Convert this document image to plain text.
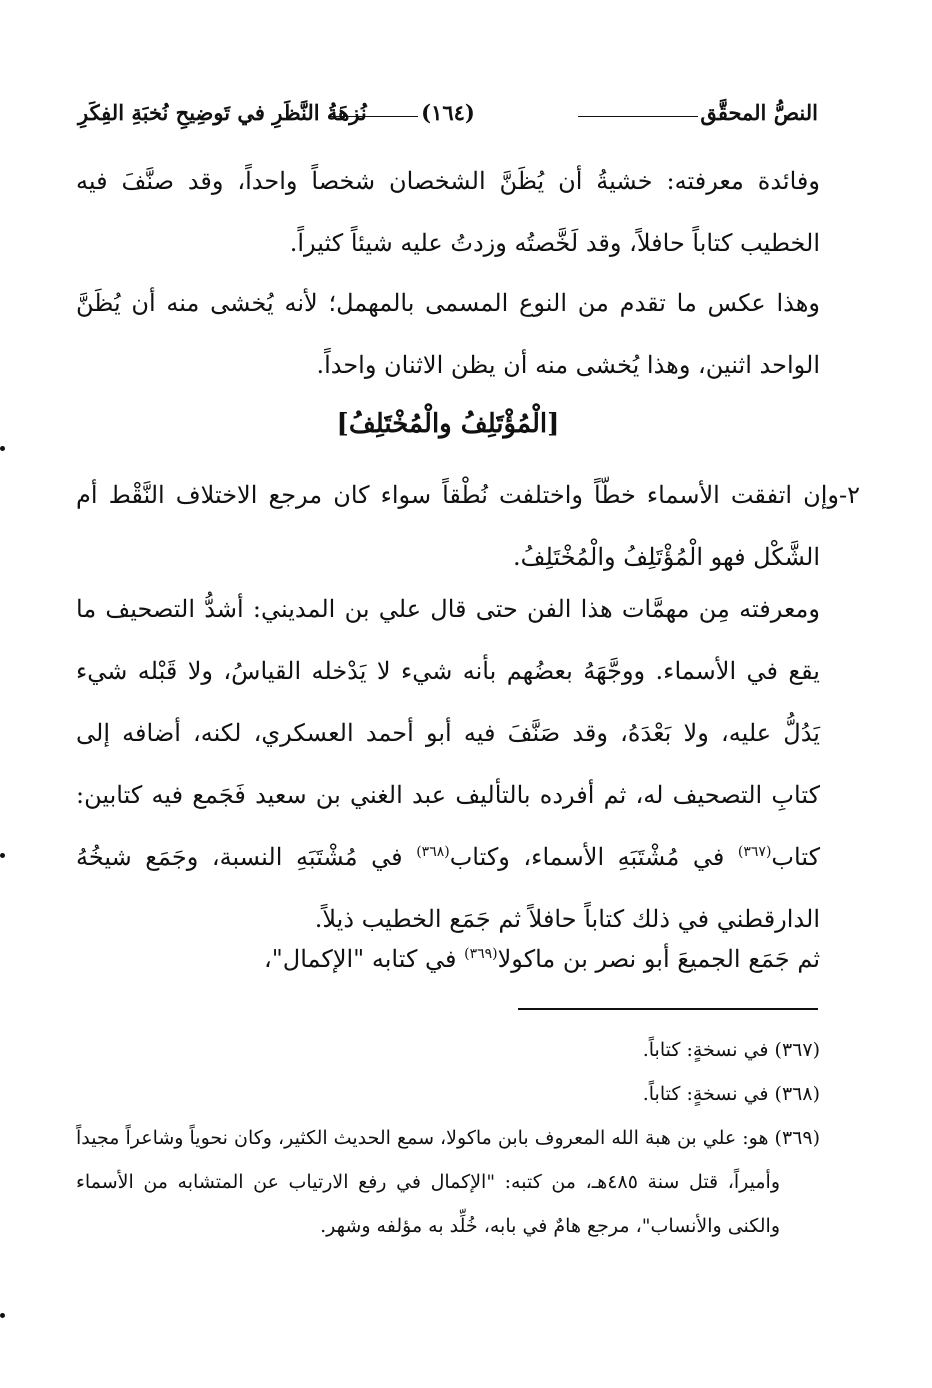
النصُّ المحقَّق
(١٦٤)
نُزهَةُ النَّظَرِ في تَوضِيحِ نُخبَةِ الفِكَرِ
وفائدة معرفته: خشيةُ أن يُظَنَّ الشخصان شخصاً واحداً، وقد صنَّفَ فيه الخطيب كتاباً حافلاً، وقد لَخَّصتُه وزدتُ عليه شيئاً كثيراً.
وهذا عكس ما تقدم من النوع المسمى بالمهمل؛ لأنه يُخشى منه أن يُظَنَّ الواحد اثنين، وهذا يُخشى منه أن يظن الاثنان واحداً.
[الْمُؤْتَلِفُ والْمُخْتَلِفُ]
٢-وإن اتفقت الأسماء خطّاً واختلفت نُطْقاً سواء كان مرجع الاختلاف النَّقْط أم الشَّكْل فهو الْمُؤْتَلِفُ والْمُخْتَلِفُ.
ومعرفته مِن مهمَّات هذا الفن حتى قال علي بن المديني: أشدُّ التصحيف ما يقع في الأسماء. ووجَّهَهُ بعضُهم بأنه شيء لا يَدْخله القياسُ، ولا قَبْله شيء يَدُلُّ عليه، ولا بَعْدَهُ، وقد صَنَّفَ فيه أبو أحمد العسكري، لكنه، أضافه إلى كتابِ التصحيف له، ثم أفرده بالتأليف عبد الغني بن سعيد فَجَمع فيه كتابين: كتاب$^{(٣٦٧)}$ في مُشْتَبَهِ الأسماء، وكتاب$^{(٣٦٨)}$ في مُشْتَبَهِ النسبة، وجَمَع شيخُهُ الدارقطني في ذلك كتاباً حافلاً ثم جَمَع الخطيب ذيلاً.
ثم جَمَع الجميعَ أبو نصر بن ماكولا$^{(٣٦٩)}$ في كتابه "الإكمال"،

(٣٦٧) في نسخةٍ: كتاباً.

(٣٦٨) في نسخةٍ: كتاباً.

(٣٦٩) هو: علي بن هبة الله المعروف بابن ماكولا، سمع الحديث الكثير، وكان نحوياً وشاعراً مجيداً وأميراً، قتل سنة ٤٨٥هـ، من كتبه: "الإكمال في رفع الارتياب عن المتشابه من الأسماء والكنى والأنساب"، مرجع هامٌ في بابه، خُلِّد به مؤلفه وشهر.
